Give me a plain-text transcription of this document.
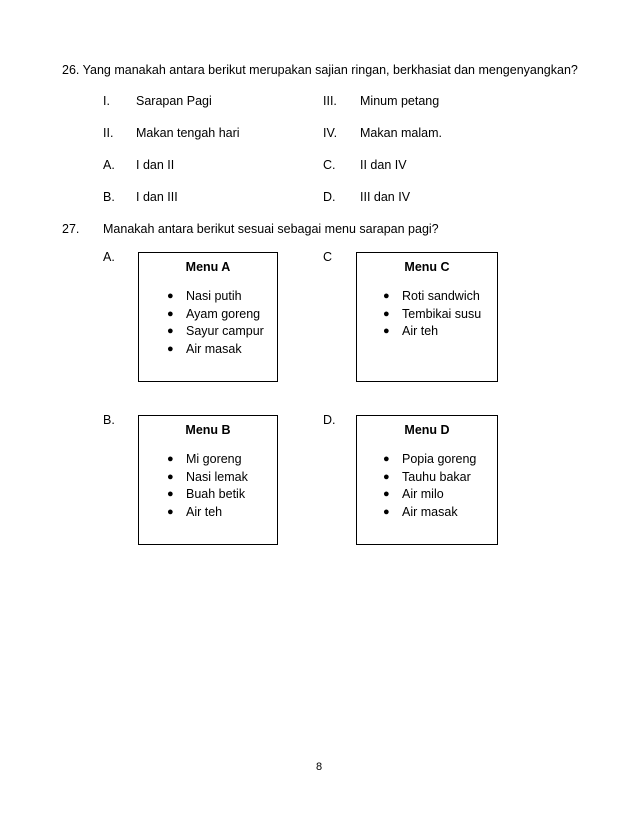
26. Yang manakah antara berikut merupakan sajian ringan, berkhasiat dan mengenyangkan?
I. Sarapan Pagi	III. Minum petang
II. Makan tengah hari	IV. Makan malam.
A. I dan II	C. II dan IV
B. I dan III	D. III dan IV
27. Manakah antara berikut sesuai sebagai menu sarapan pagi?
A.
Menu A
● Nasi putih
● Ayam goreng
● Sayur campur
● Air masak
C
Menu C
● Roti sandwich
● Tembikai susu
● Air teh
B.
Menu B
● Mi goreng
● Nasi lemak
● Buah betik
● Air teh
D.
Menu D
● Popia goreng
● Tauhu bakar
● Air milo
● Air masak
8
